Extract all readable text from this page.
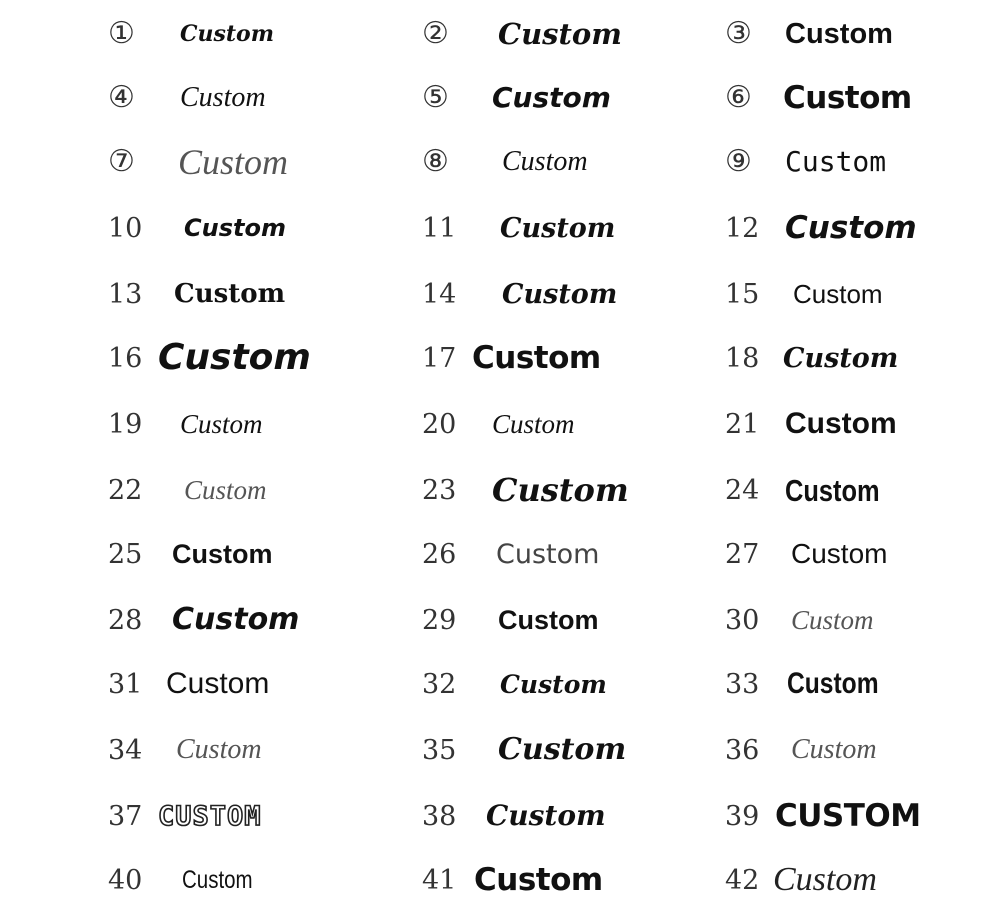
① Custom	② Custom	③ Custom
④ Custom	⑤ Custom	⑥ Custom
⑦ Custom	⑧ Custom	⑨ Custom
10 Custom	11 Custom	12 Custom
13 Custom	14 Custom	15 Custom
16 Custom	17 Custom	18 Custom
19 Custom	20 Custom	21 Custom
22 Custom	23 Custom	24 Custom
25 Custom	26 Custom	27 Custom
28 Custom	29 Custom	30 Custom
31 Custom	32 Custom	33 Custom
34 Custom	35 Custom	36 Custom
37 CUSTOM	38 Custom	39 CUSTOM
40 Custom	41 Custom	42 Custom
